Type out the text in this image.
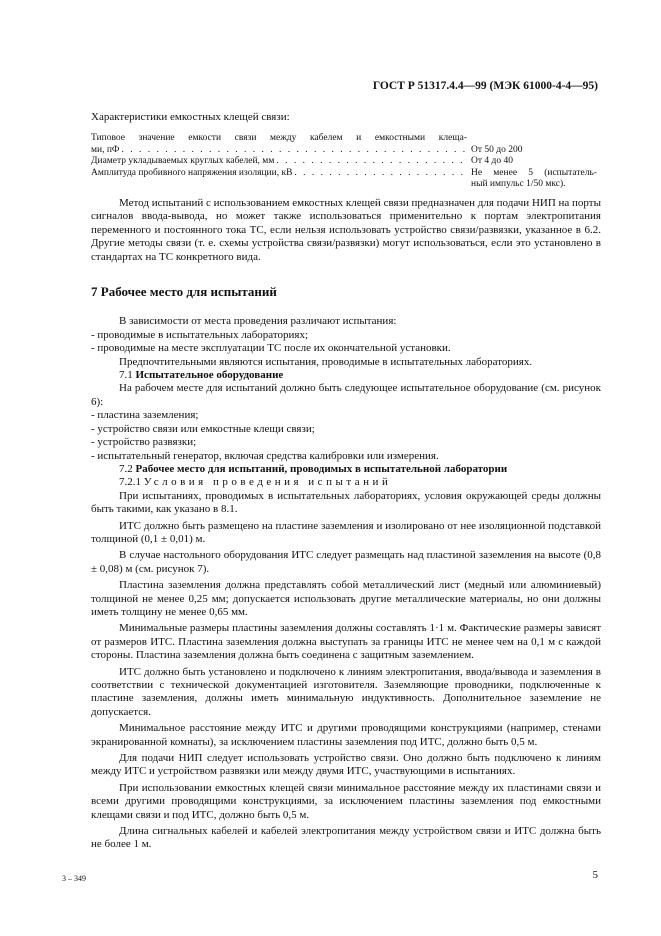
ГОСТ Р 51317.4.4—99 (МЭК 61000-4-4—95)
Характеристики емкостных клещей связи:
Типовое значение емкости связи между кабелем и емкостными клеща-
ми, пФ . . .	От 50 до 200
Диаметр укладываемых круглых кабелей, мм . . .	От 4 до 40
Амплитуда пробивного напряжения изоляции, кВ . . .	Не менее 5 (испытатель-
ный импульс 1/50 мкс).

Метод испытаний с использованием емкостных клещей связи предназначен для подачи НИП на порты сигналов ввода-вывода, но может также использоваться применительно к портам электропитания переменного и постоянного тока ТС, если нельзя использовать устройство связи/развязки, указанное в 6.2. Другие методы связи (т. е. схемы устройства связи/развязки) могут использоваться, если это установлено в стандартах на ТС конкретного вида.

7 Рабочее место для испытаний

В зависимости от места проведения различают испытания:

- проводимые в испытательных лабораториях;

- проводимые на месте эксплуатации ТС после их окончательной установки.

Предпочтительными являются испытания, проводимые в испытательных лабораториях.

7.1 Испытательное оборудование

На рабочем месте для испытаний должно быть следующее испытательное оборудование (см. рисунок 6):

- пластина заземления;

- устройство связи или емкостные клещи связи;

- устройство развязки;

- испытательный генератор, включая средства калибровки или измерения.

7.2 Рабочее место для испытаний, проводимых в испытательной лаборатории

7.2.1 Условия проведения испытаний

При испытаниях, проводимых в испытательных лабораториях, условия окружающей среды должны быть такими, как указано в 8.1.

ИТС должно быть размещено на пластине заземления и изолировано от нее изоляционной подставкой толщиной (0,1 ± 0,01) м.

В случае настольного оборудования ИТС следует размещать над пластиной заземления на высоте (0,8 ± 0,08) м (см. рисунок 7).

Пластина заземления должна представлять собой металлический лист (медный или алюминиевый) толщиной не менее 0,25 мм; допускается использовать другие металлические материалы, но они должны иметь толщину не менее 0,65 мм.

Минимальные размеры пластины заземления должны составлять 1·1 м. Фактические размеры зависят от размеров ИТС. Пластина заземления должна выступать за границы ИТС не менее чем на 0,1 м с каждой стороны. Пластина заземления должна быть соединена с защитным заземлением.

ИТС должно быть установлено и подключено к линиям электропитания, ввода/вывода и заземления в соответствии с технической документацией изготовителя. Заземляющие проводники, подключенные к пластине заземления, должны иметь минимальную индуктивность. Дополнительное заземление не допускается.

Минимальное расстояние между ИТС и другими проводящими конструкциями (например, стенами экранированной комнаты), за исключением пластины заземления под ИТС, должно быть 0,5 м.

Для подачи НИП следует использовать устройство связи. Оно должно быть подключено к линиям между ИТС и устройством развязки или между двумя ИТС, участвующими в испытаниях.

При использовании емкостных клещей связи минимальное расстояние между их пластинами связи и всеми другими проводящими конструкциями, за исключением пластины заземления под емкостными клещами связи и под ИТС, должно быть 0,5 м.

Длина сигнальных кабелей и кабелей электропитания между устройством связи и ИТС должна быть не более 1 м.

3 – 349	5
